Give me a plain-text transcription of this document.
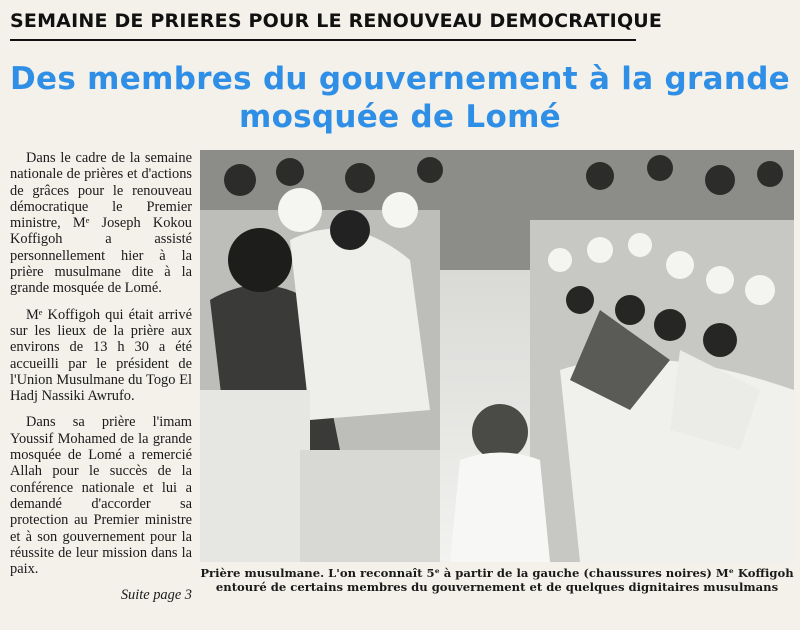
SEMAINE DE PRIERES POUR LE RENOUVEAU DEMOCRATIQUE
Des membres du gouvernement à la grande
mosquée de Lomé

Dans le cadre de la semaine nationale de prières et d'actions de grâces pour le renouveau démocratique le Premier ministre, Mᵉ Joseph Kokou Koffigoh a assisté personnellement hier à la prière musulmane dite à la grande mosquée de Lomé.

Mᵉ Koffigoh qui était arrivé sur les lieux de la prière aux environs de 13 h 30 a été accueilli par le président de l'Union Musulmane du Togo El Hadj Nassiki Awrufo.

Dans sa prière l'imam Youssif Mohamed de la grande mosquée de Lomé a remercié Allah pour le succès de la conférence nationale et lui a demandé d'accorder sa protection au Premier ministre et à son gouvernement pour la réussite de leur mission dans la paix.

Suite page 3

Prière musulmane. L'on reconnaît 5ᵉ à partir de la gauche (chaussures noires) Mᵉ Koffigoh entouré de certains membres du gouvernement et de quelques dignitaires musulmans
